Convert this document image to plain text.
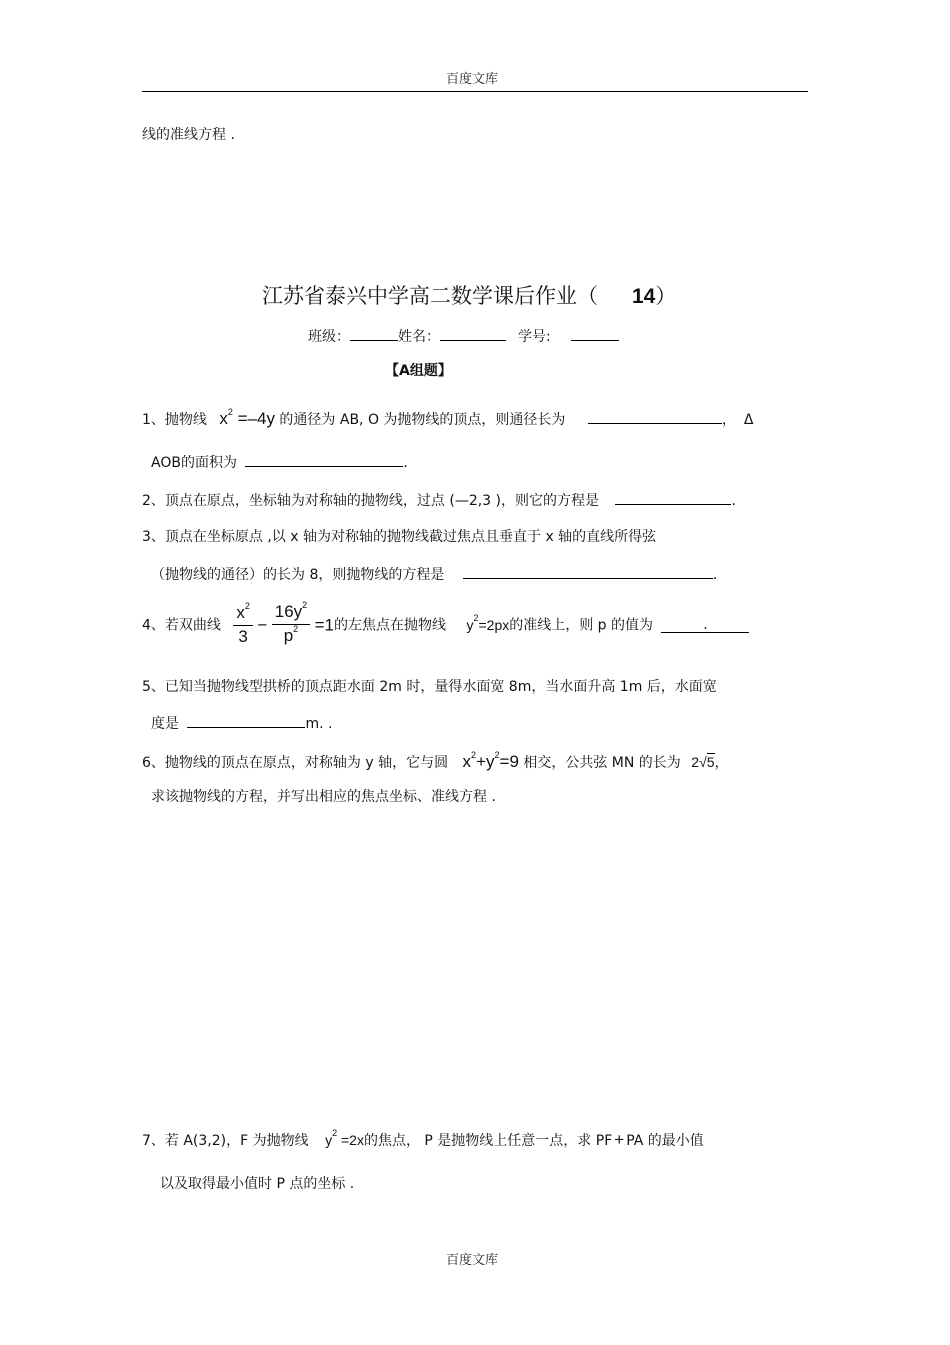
百度文库
线的准线方程 .
江苏省泰兴中学高二数学课后作业（ 14）
班级：	姓名：	学号:
【A组题】
1、抛物线 $x^2 =-4y$ 的通径为 AB, O 为抛物线的顶点，则通径长为	， Δ
AOB的面积为	.
2、顶点在原点，坐标轴为对称轴的抛物线，过点 (—2,3 )，则它的方程是	.
3、顶点在坐标原点 ,以 x 轴为对称轴的抛物线截过焦点且垂直于 x 轴的直线所得弦
（抛物线的通径）的长为 8，则抛物线的方程是	.
4、若双曲线 $\frac{x^2}{3} - \frac{16y^2}{p^2} =1$的左焦点在抛物线 $y^2=2px$的准线上，则 p 的值为	.
5、已知当抛物线型拱桥的顶点距水面 2m 时，量得水面宽 8m，当水面升高 1m 后，水面宽
度是	m. .
6、抛物线的顶点在原点，对称轴为 y 轴，它与圆 $x^2+y^2=9$ 相交，公共弦 MN 的长为 2√5，
求该抛物线的方程，并写出相应的焦点坐标、准线方程 .
7、若 A(3,2)，F 为抛物线 $y^2 =2x$的焦点， P 是抛物线上任意一点，求 PF + PA 的最小值
以及取得最小值时 P 点的坐标 .
百度文库
